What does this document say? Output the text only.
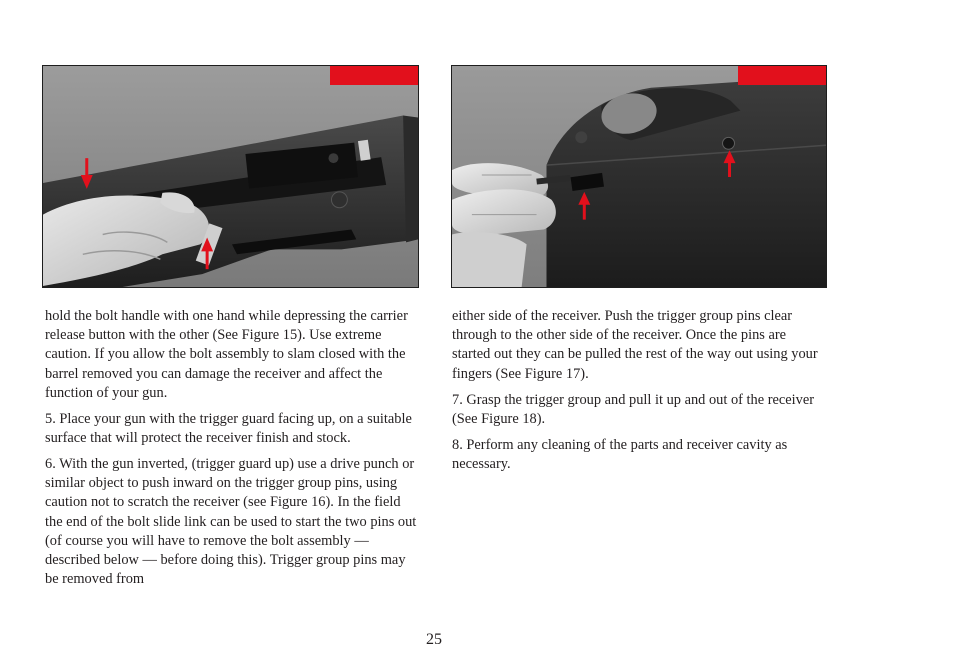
hold the bolt handle with one hand while depressing the carrier release button with the other (See Figure 15). Use extreme caution. If you allow the bolt assembly to slam closed with the barrel removed you can damage the receiver and affect the function of your gun.

5. Place your gun with the trigger guard facing up, on a suitable surface that will protect the receiver finish and stock.

6. With the gun inverted, (trigger guard up) use a drive punch or similar object to push inward on the trigger group pins, using caution not to scratch the receiver (see Figure 16). In the field the end of the bolt slide link can be used to start the two pins out (of course you will have to remove the bolt assembly — described below — before doing this). Trigger group pins may be removed from

either side of the receiver. Push the trigger group pins clear through to the other side of the receiver. Once the pins are started out they can be pulled the rest of the way out using your fingers (See Figure 17).

7. Grasp the trigger group and pull it up and out of the receiver (See Figure 18).

8. Perform any cleaning of the parts and receiver cavity as necessary.

25
